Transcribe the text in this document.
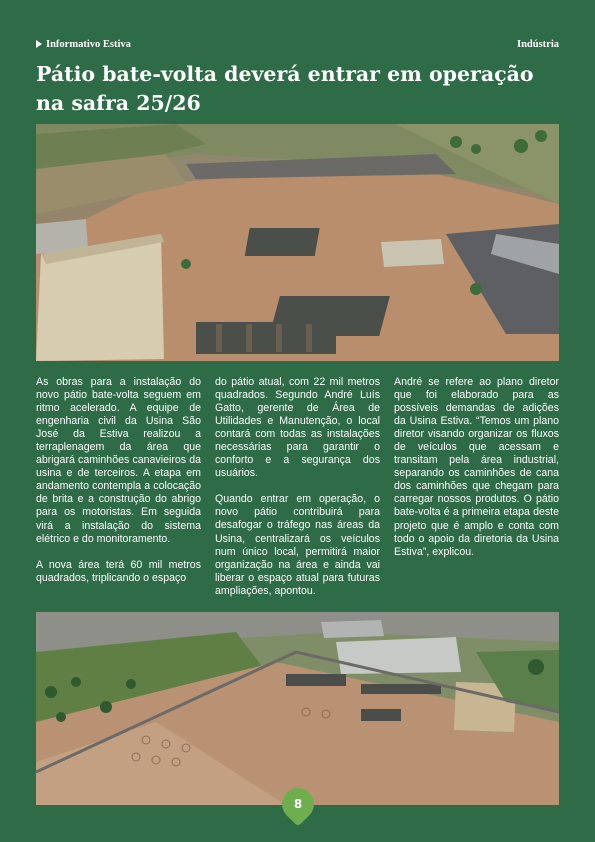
Informativo Estiva	Indústria
Pátio bate-volta deverá entrar em operação na safra 25/26

As obras para a instalação do novo pátio bate-volta seguem em ritmo acelerado. A equipe de engenharia civil da Usina São José da Estiva realizou a terraplenagem da área que abrigará caminhões canavieiros da usina e de terceiros. A etapa em andamento contempla a colocação de brita e a construção do abrigo para os motoristas. Em seguida virá a instalação do sistema elétrico e do monitoramento.

A nova área terá 60 mil metros quadrados, triplicando o espaço

do pátio atual, com 22 mil metros quadrados. Segundo André Luís Gatto, gerente de Área de Utilidades e Manutenção, o local contará com todas as instalações necessárias para garantir o conforto e a segurança dos usuários.

Quando entrar em operação, o novo pátio contribuirá para desafogar o tráfego nas áreas da Usina, centralizará os veículos num único local, permitirá maior organização na área e ainda vai liberar o espaço atual para futuras ampliações, apontou.

André se refere ao plano diretor que foi elaborado para as possíveis demandas de adições da Usina Estiva. “Temos um plano diretor visando organizar os fluxos de veículos que acessam e transitam pela área industrial, separando os caminhões de cana dos caminhões que chegam para carregar nossos produtos. O pátio bate-volta é a primeira etapa deste projeto que é amplo e conta com todo o apoio da diretoria da Usina Estiva”, explicou.

8
